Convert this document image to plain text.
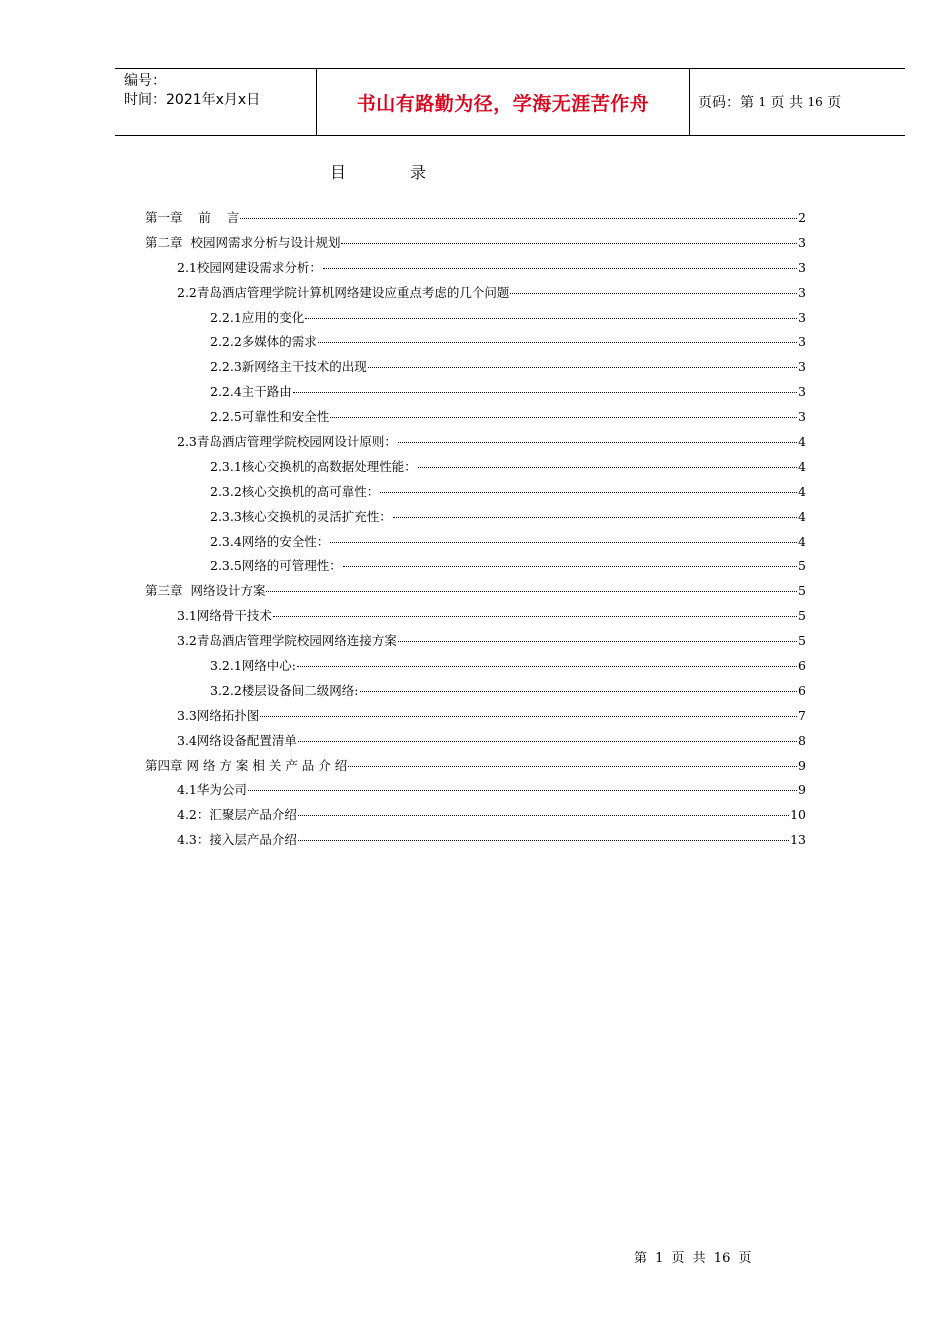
编号：
时间：2021年x月x日	书山有路勤为径，学海无涯苦作舟	页码：第
1
页 共
16
页
目	录
第一章    前    言	2
第二章  校园网需求分析与设计规划	3
2.1校园网建设需求分析：	3
2.2青岛酒店管理学院计算机网络建设应重点考虑的几个问题	3
2.2.1应用的变化	3
2.2.2多媒体的需求	3
2.2.3新网络主干技术的出现	3
2.2.4主干路由	3
2.2.5可靠性和安全性	3
2.3青岛酒店管理学院校园网设计原则：	4
2.3.1核心交换机的高数据处理性能：	4
2.3.2核心交换机的高可靠性：	4
2.3.3核心交换机的灵活扩充性：	4
2.3.4网络的安全性：	4
2.3.5网络的可管理性：	5
第三章  网络设计方案	5
3.1网络骨干技术	5
3.2青岛酒店管理学院校园网络连接方案	5
3.2.1网络中心:	6
3.2.2楼层设备间二级网络:	6
3.3网络拓扑图	7
3.4网络设备配置清单	8
第四章 网 络 方 案 相 关 产 品 介 绍	9
4.1华为公司	9
4.2：汇聚层产品介绍	10
4.3：接入层产品介绍	13
第 1 页 共 16 页
